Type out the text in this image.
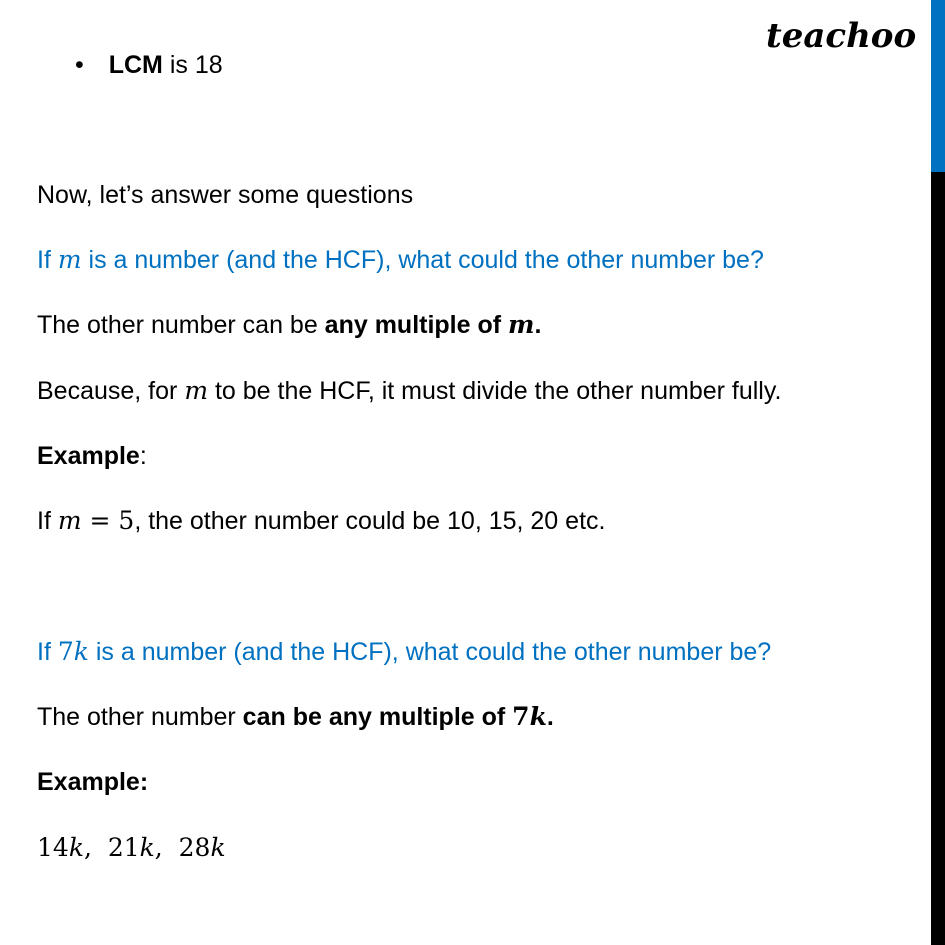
teachoo
• LCM is 18
Now, let’s answer some questions
If m is a number (and the HCF), what could the other number be?
The other number can be any multiple of m.
Because, for m to be the HCF, it must divide the other number fully.
Example:
If m = 5, the other number could be 10, 15, 20 etc.
If 7k is a number (and the HCF), what could the other number be?
The other number can be any multiple of 7k.
Example:
14k,  21k,  28k
